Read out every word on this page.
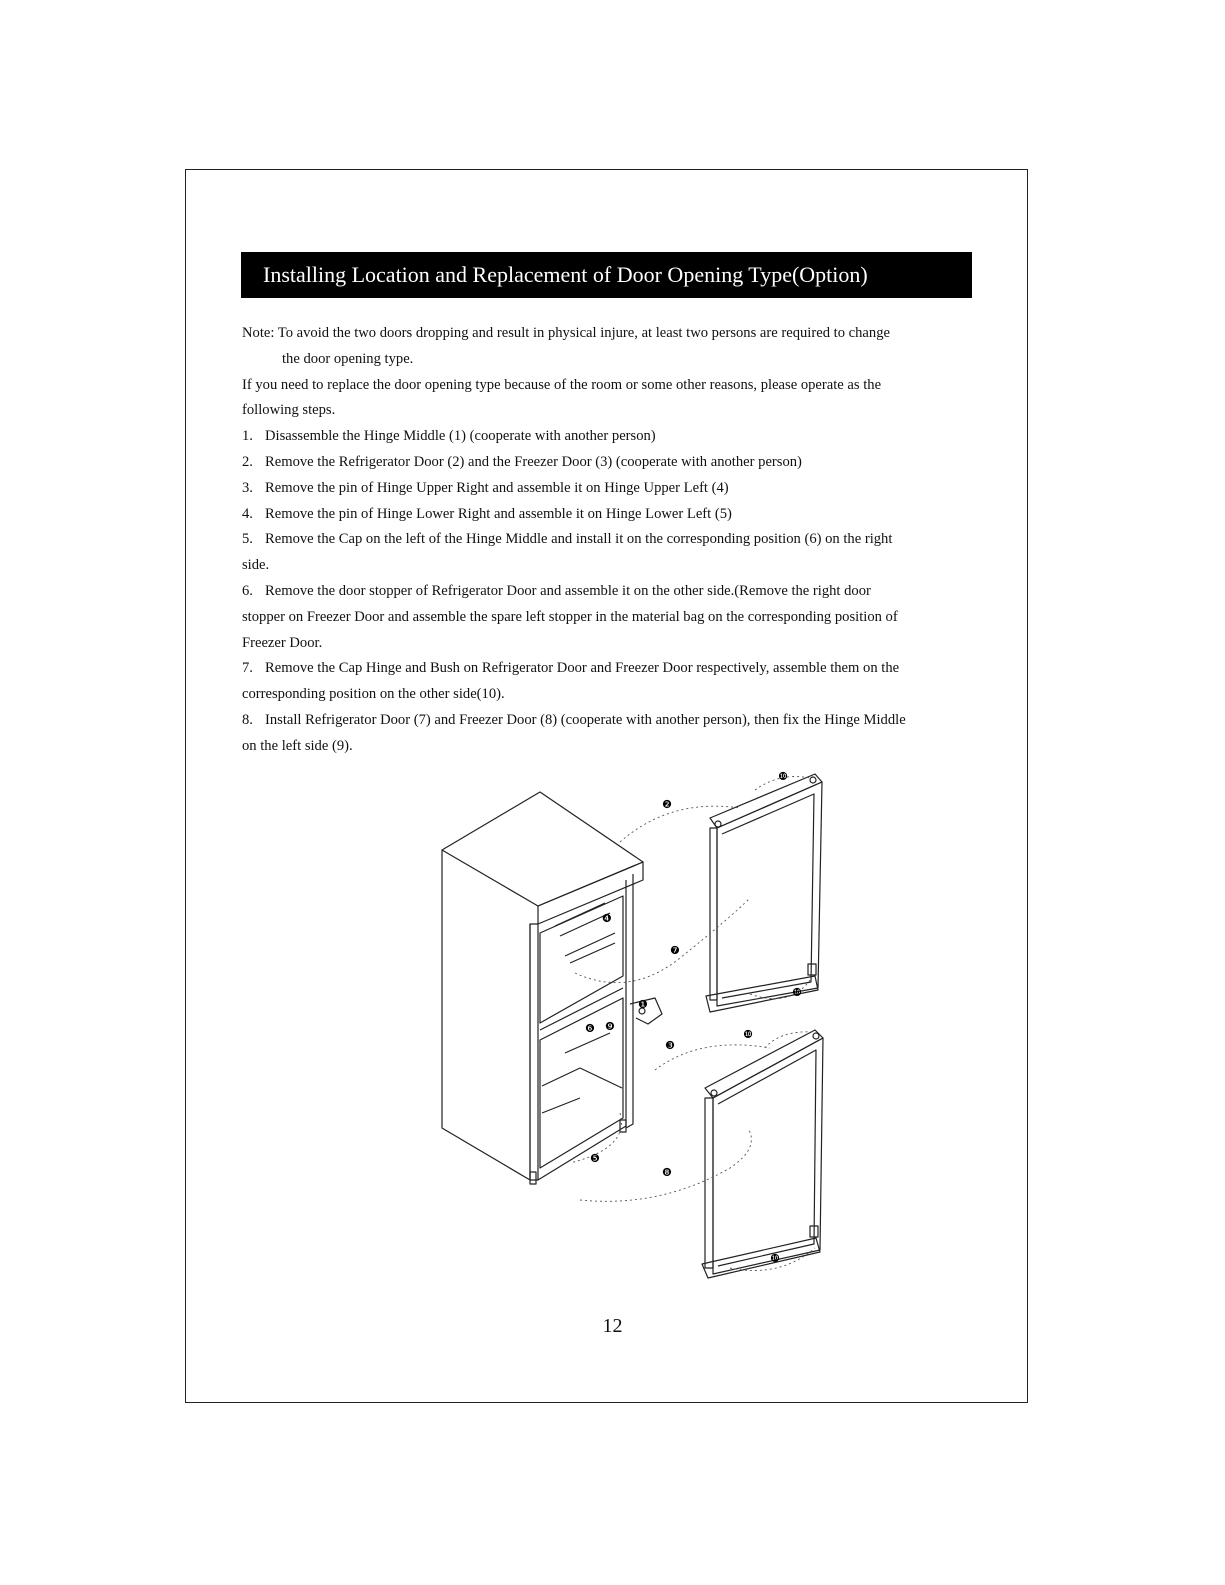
Installing Location and Replacement of Door Opening Type(Option)

Note: To avoid the two doors dropping and result in physical injure, at least two persons are required to change

the door opening type.

If you need to replace the door opening type because of the room or some other reasons, please operate as the

following steps.

1. Disassemble the Hinge Middle (1) (cooperate with another person)

2. Remove the Refrigerator Door (2) and the Freezer Door (3) (cooperate with another person)

3. Remove the pin of Hinge Upper Right and assemble it on Hinge Upper Left (4)

4. Remove the pin of Hinge Lower Right and assemble it on Hinge Lower Left (5)

5. Remove the Cap on the left of the Hinge Middle and install it on the corresponding position (6) on the right

side.

6. Remove the door stopper of Refrigerator Door and assemble it on the other side.(Remove the right door

stopper on Freezer Door and assemble the spare left stopper in the material bag on the corresponding position of

Freezer Door.

7. Remove the Cap Hinge and Bush on Refrigerator Door and Freezer Door respectively, assemble them on the

corresponding position on the other side(10).

8. Install Refrigerator Door (7) and Freezer Door (8) (cooperate with another person), then fix the Hinge Middle

on the left side (9).

❿
❷
❹
❼
❿
❶
❻ ❾
❿
❸
❺
❽
❿
12
